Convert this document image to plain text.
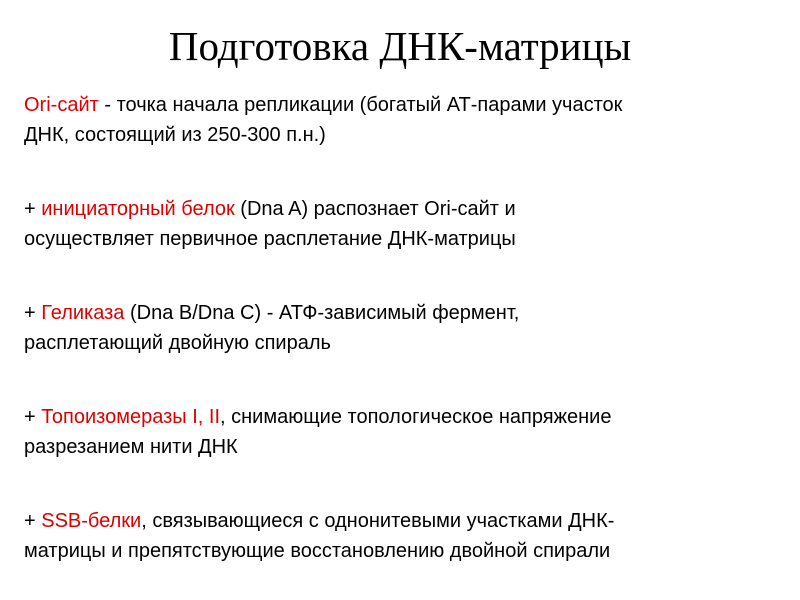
Подготовка ДНК-матрицы

Ori-сайт - точка начала репликации (богатый АТ-парами участок
ДНК, состоящий из 250-300 п.н.)

+ инициаторный белок (Dna A) распознает Ori-сайт и
осуществляет первичное расплетание ДНК-матрицы

+ Геликаза (Dna B/Dna C) - АТФ-зависимый фермент,
расплетающий двойную спираль

+ Топоизомеразы I, II, снимающие топологическое напряжение
разрезанием нити ДНК

+ SSB-белки, связывающиеся с однонитевыми участками ДНК-
матрицы и препятствующие восстановлению двойной спирали
